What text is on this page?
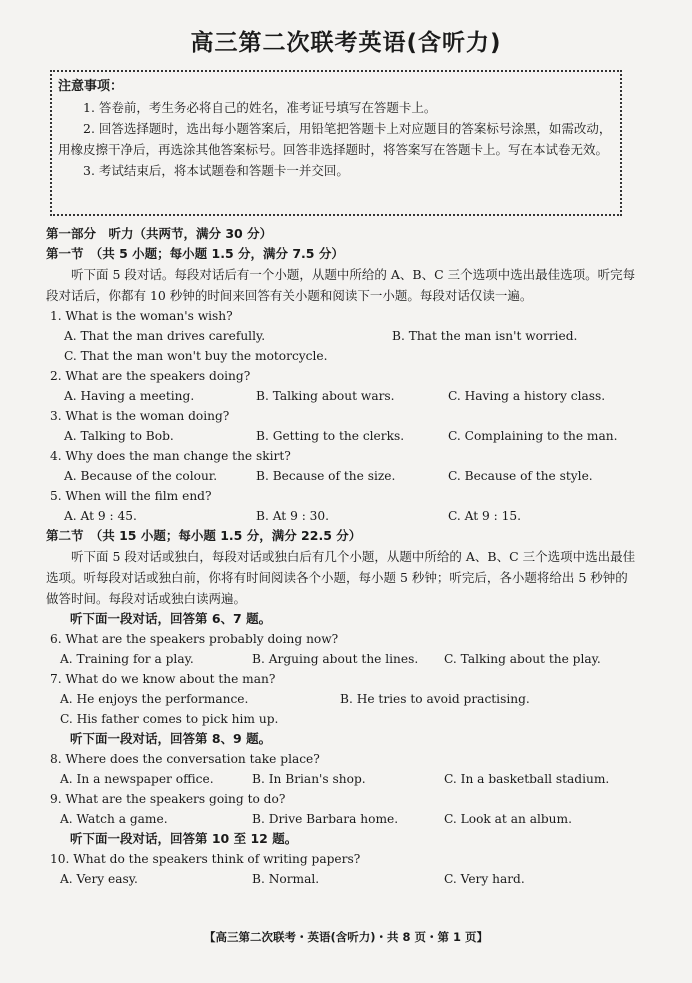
高三第二次联考英语(含听力)
注意事项：
1. 答卷前，考生务必将自己的姓名，准考证号填写在答题卡上。
2. 回答选择题时，选出每小题答案后，用铅笔把答题卡上对应题目的答案标号涂黑，如需改动，用橡皮擦干净后，再选涂其他答案标号。回答非选择题时，将答案写在答题卡上。写在本试卷无效。
3. 考试结束后，将本试题卷和答题卡一并交回。
第一部分　听力（共两节，满分 30 分）
第一节　（共 5 小题；每小题 1.5 分，满分 7.5 分）
听下面 5 段对话。每段对话后有一个小题，从题中所给的 A、B、C 三个选项中选出最佳选项。听完每段对话后，你都有 10 秒钟的时间来回答有关小题和阅读下一小题。每段对话仅读一遍。
1. What is the woman's wish?
A. That the man drives carefully.	B. That the man isn't worried.
C. That the man won't buy the motorcycle.
2. What are the speakers doing?
A. Having a meeting.	B. Talking about wars.	C. Having a history class.
3. What is the woman doing?
A. Talking to Bob.	B. Getting to the clerks.	C. Complaining to the man.
4. Why does the man change the skirt?
A. Because of the colour.	B. Because of the size.	C. Because of the style.
5. When will the film end?
A. At 9 : 45.	B. At 9 : 30.	C. At 9 : 15.
第二节　（共 15 小题；每小题 1.5 分，满分 22.5 分）
听下面 5 段对话或独白，每段对话或独白后有几个小题，从题中所给的 A、B、C 三个选项中选出最佳选项。听每段对话或独白前，你将有时间阅读各个小题，每小题 5 秒钟；听完后，各小题将给出 5 秒钟的做答时间。每段对话或独白读两遍。
听下面一段对话，回答第 6、7 题。
6. What are the speakers probably doing now?
A. Training for a play.	B. Arguing about the lines. C. Talking about the play.
7. What do we know about the man?
A. He enjoys the performance.	B. He tries to avoid practising.
C. His father comes to pick him up.
听下面一段对话，回答第 8、9 题。
8. Where does the conversation take place?
A. In a newspaper office.	B. In Brian's shop.	C. In a basketball stadium.
9. What are the speakers going to do?
A. Watch a game.	B. Drive Barbara home.	C. Look at an album.
听下面一段对话，回答第 10 至 12 题。
10. What do the speakers think of writing papers?
A. Very easy.	B. Normal.	C. Very hard.
【高三第二次联考・英语(含听力)・共 8 页・第 1 页】
